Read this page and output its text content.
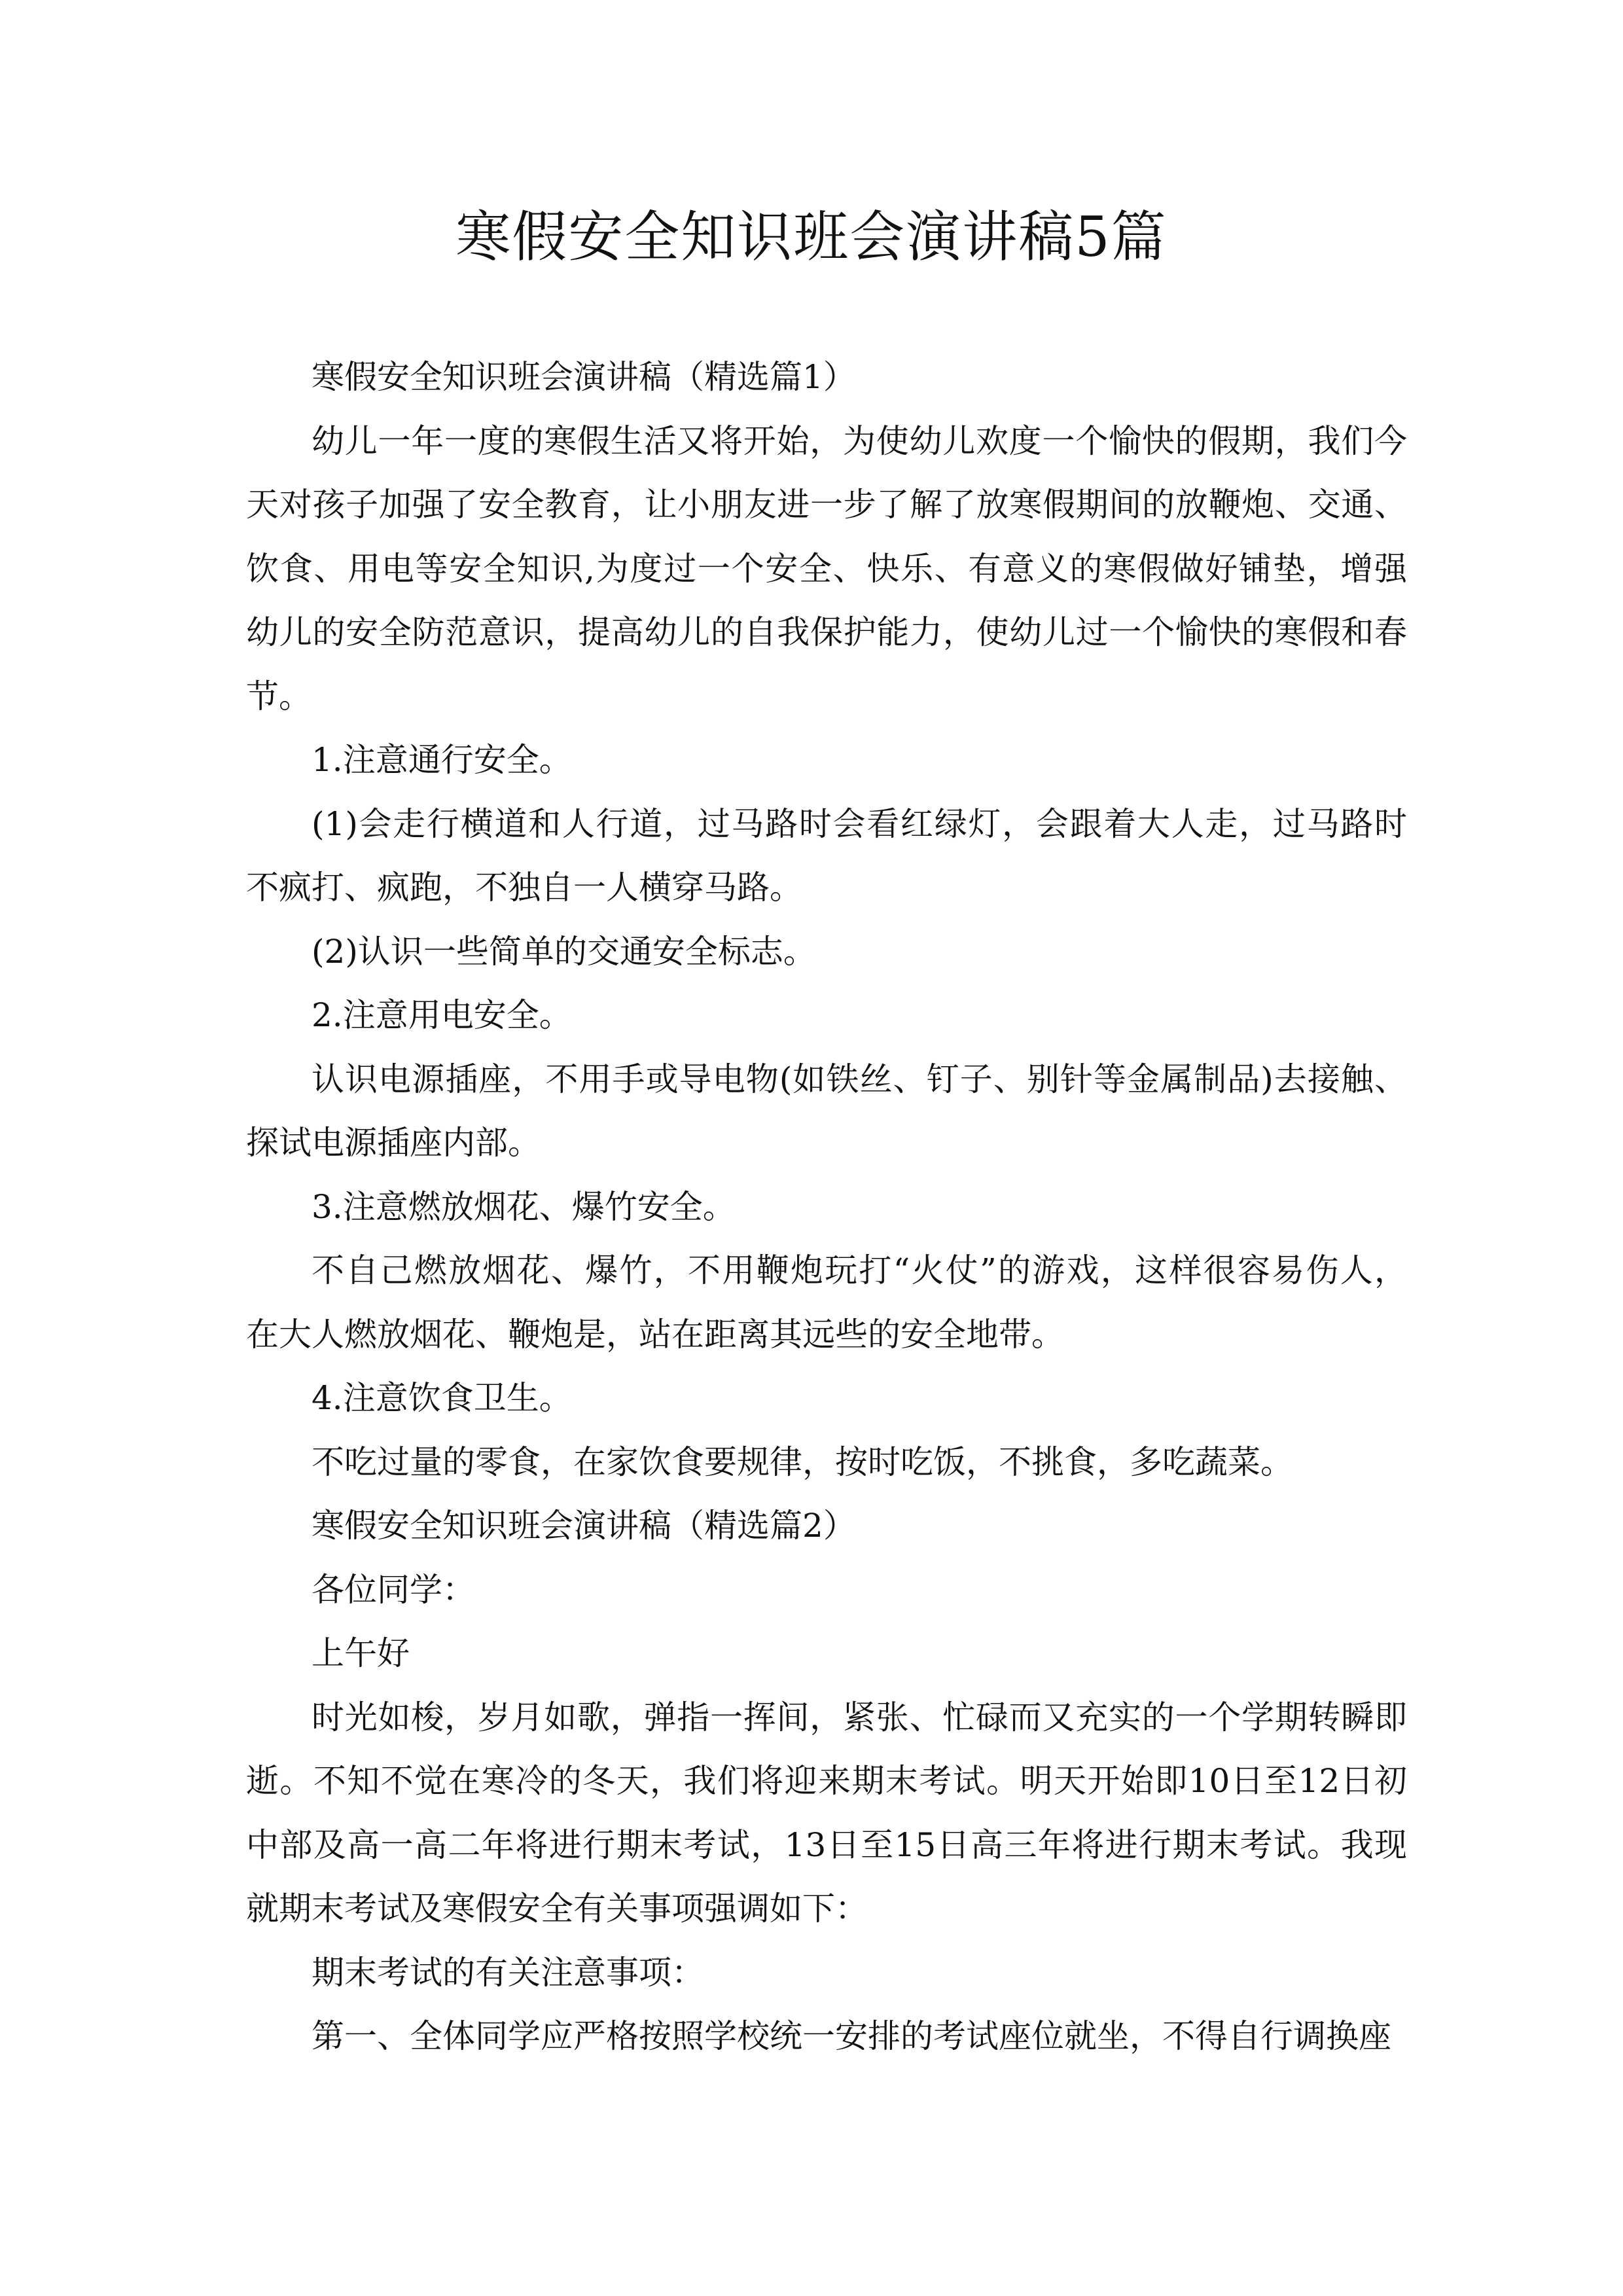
寒假安全知识班会演讲稿5篇
寒假安全知识班会演讲稿（精选篇1）
幼儿一年一度的寒假生活又将开始，为使幼儿欢度一个愉快的假期，我们今
天对孩子加强了安全教育，让小朋友进一步了解了放寒假期间的放鞭炮、交通、
饮食、用电等安全知识,为度过一个安全、快乐、有意义的寒假做好铺垫，增强
幼儿的安全防范意识，提高幼儿的自我保护能力，使幼儿过一个愉快的寒假和春
节。
1.注意通行安全。
(1)会走行横道和人行道，过马路时会看红绿灯，会跟着大人走，过马路时
不疯打、疯跑，不独自一人横穿马路。
(2)认识一些简单的交通安全标志。
2.注意用电安全。
认识电源插座，不用手或导电物(如铁丝、钉子、别针等金属制品)去接触、
探试电源插座内部。
3.注意燃放烟花、爆竹安全。
不自己燃放烟花、爆竹，不用鞭炮玩打“火仗”的游戏，这样很容易伤人，
在大人燃放烟花、鞭炮是，站在距离其远些的安全地带。
4.注意饮食卫生。
不吃过量的零食，在家饮食要规律，按时吃饭，不挑食，多吃蔬菜。
寒假安全知识班会演讲稿（精选篇2）
各位同学：
上午好
时光如梭，岁月如歌，弹指一挥间，紧张、忙碌而又充实的一个学期转瞬即
逝。不知不觉在寒冷的冬天，我们将迎来期末考试。明天开始即10日至12日初
中部及高一高二年将进行期末考试，13日至15日高三年将进行期末考试。我现
就期末考试及寒假安全有关事项强调如下：
期末考试的有关注意事项：
第一、全体同学应严格按照学校统一安排的考试座位就坐，不得自行调换座
